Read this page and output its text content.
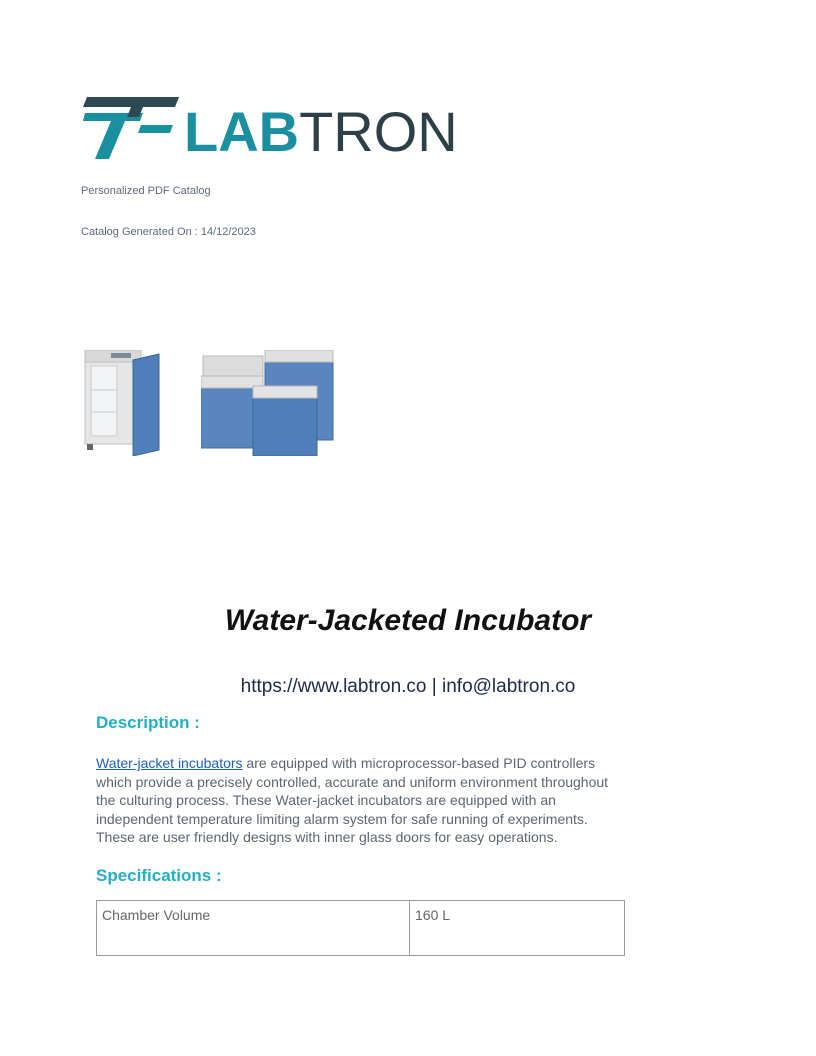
LABTRON
Personalized PDF Catalog
Catalog Generated On : 14/12/2023
Water-Jacketed Incubator
https://www.labtron.co | info@labtron.co
Description :
Water-jacket incubators are equipped with microprocessor-based PID controllers which provide a precisely controlled, accurate and uniform environment throughout the culturing process. These Water-jacket incubators are equipped with an independent temperature limiting alarm system for safe running of experiments. These are user friendly designs with inner glass doors for easy operations.
Specifications :
Chamber Volume	160 L
